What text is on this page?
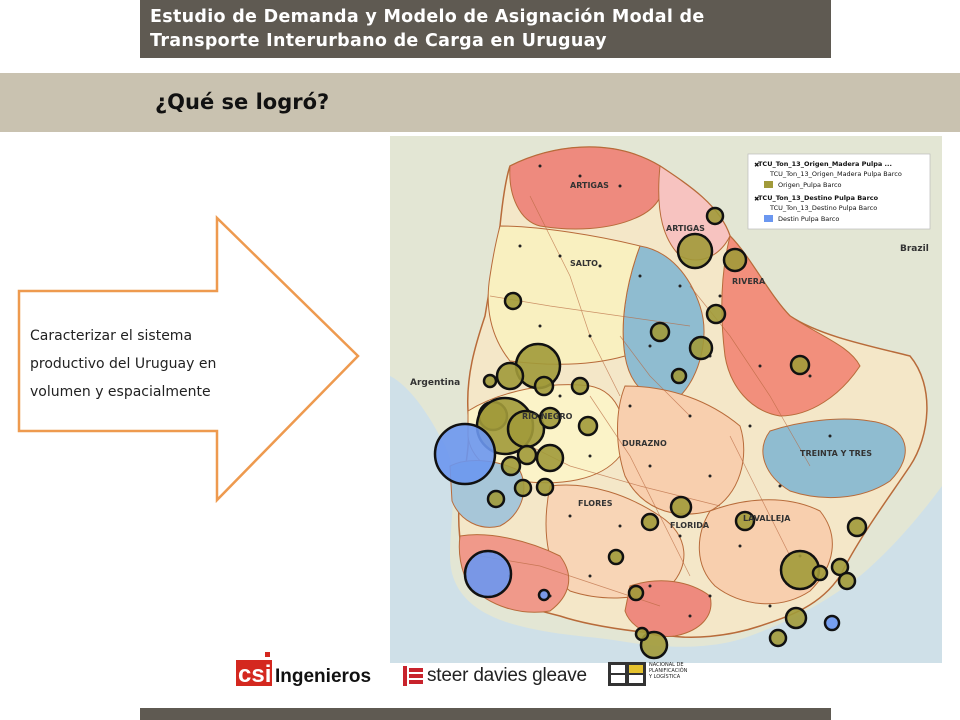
Estudio de Demanda y Modelo de Asignación Modal de
Transporte Interurbano de Carga en Uruguay
¿Qué se logró?
Caracterizar el sistema
productivo del Uruguay en
volumen y espacialmente
ARTIGAS
ARTIGAS
SALTO
RIVERA
RIO NEGRO
DURAZNO
FLORES
FLORIDA
TREINTA Y TRES
LAVALLEJA
Argentina
Brazil
TCU_Ton_13_Origen_Madera Pulpa ...
TCU_Ton_13_Origen_Madera Pulpa Barco
Origen_Pulpa Barco
TCU_Ton_13_Destino Pulpa Barco
TCU_Ton_13_Destino Pulpa Barco
Destin Pulpa Barco
✖
✖
csi Ingenieros	steer davies gleave	NACIONAL DE
PLANIFICACIÓN
Y LOGÍSTICA
